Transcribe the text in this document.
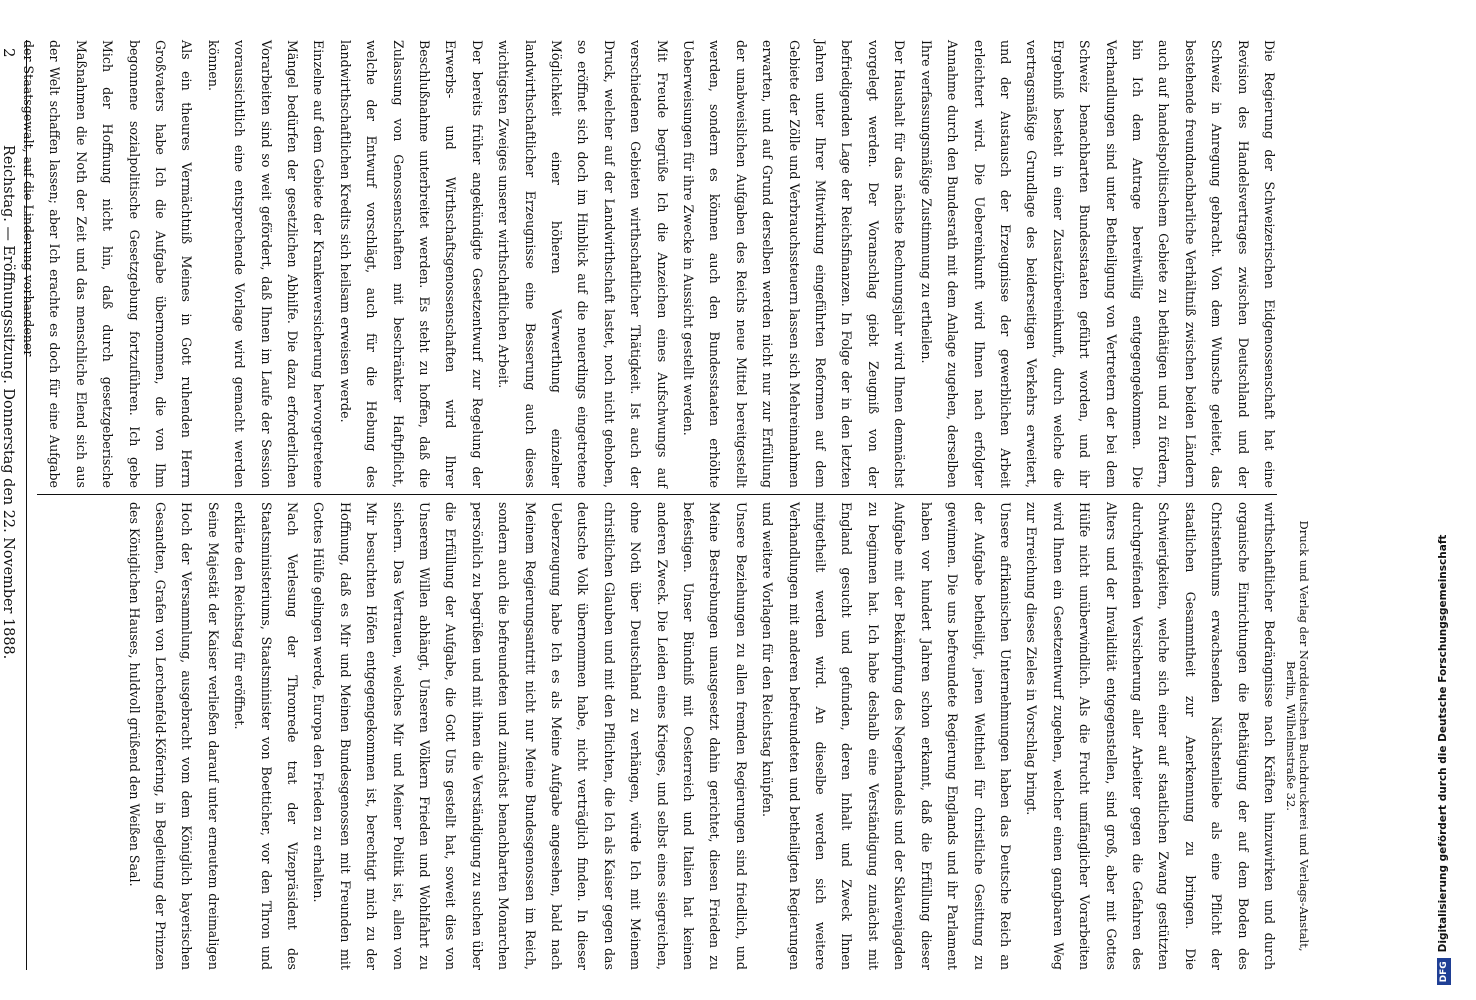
2
Reichstag. — Eröffnungssitzung. Donnerstag den 22. November 1888.

Die Regierung der Schweizerischen Eidgenossenschaft hat eine Revision des Handelsvertrages zwischen Deutschland und der Schweiz in Anregung gebracht. Von dem Wunsche geleitet, das bestehende freundnachbarliche Verhältniß zwischen beiden Ländern auch auf handelspolitischem Gebiete zu bethätigen und zu fördern, bin Ich dem Antrage bereitwillig entgegengekommen. Die Verhandlungen sind unter Betheiligung von Vertretern der bei dem Schweiz benachbarten Bundesstaaten geführt worden, und ihr Ergebniß besteht in einer Zusatzübereinkunft, durch welche die vertragsmäßige Grundlage des beiderseitigen Verkehrs erweitert, und der Austausch der Erzeugnisse der gewerblichen Arbeit erleichtert wird. Die Uebereinkunft wird Ihnen nach erfolgter Annahme durch den Bundesrath mit dem Anlage zugehen, derselben Ihre verfassungsmäßige Zustimmung zu ertheilen.
Der Haushalt für das nächste Rechnungsjahr wird Ihnen demnächst vorgelegt werden. Der Voranschlag giebt Zeugniß von der befriedigenden Lage der Reichsfinanzen. In Folge der in den letzten Jahren unter Ihrer Mitwirkung eingeführten Reformen auf dem Gebiete der Zölle und Verbrauchssteuern lassen sich Mehreinnahmen erwarten, und auf Grund derselben werden nicht nur zur Erfüllung der unabweislichen Aufgaben des Reichs neue Mittel bereitgestellt werden, sondern es können auch den Bundesstaaten erhöhte Ueberweisungen für ihre Zwecke in Aussicht gestellt werden.
Mit Freude begrüße Ich die Anzeichen eines Aufschwungs auf verschiedenen Gebieten wirthschaftlicher Thätigkeit. Ist auch der Druck, welcher auf der Landwirthschaft lastet, noch nicht gehoben, so eröffnet sich doch im Hinblick auf die neuerdings eingetretene Möglichkeit einer höheren Verwerthung einzelner landwirthschaftlicher Erzeugnisse eine Besserung auch dieses wichtigsten Zweiges unserer wirthschaftlichen Arbeit.
Der bereits früher angekündigte Gesetzentwurf zur Regelung der Erwerbs- und Wirthschaftsgenossenschaften wird Ihrer Beschlußnahme unterbreitet werden. Es steht zu hoffen, daß die Zulassung von Genossenschaften mit beschränkter Haftpflicht, welche der Entwurf vorschlägt, auch für die Hebung des landwirthschaftlichen Kredits sich heilsam erweisen werde.
Einzelne auf dem Gebiete der Krankenversicherung hervorgetretene Mängel bedürfen der gesetzlichen Abhilfe. Die dazu erforderlichen Vorarbeiten sind so weit gefördert, daß Ihnen im Laufe der Session voraussichtlich eine entsprechende Vorlage wird gemacht werden können.
Als ein theures Vermächtniß Meines in Gott ruhenden Herrn Großvaters habe Ich die Aufgabe übernommen, die von Ihm begonnene sozialpolitische Gesetzgebung fortzuführen. Ich gebe Mich der Hoffnung nicht hin, daß durch gesetzgeberische Maßnahmen die Noth der Zeit und das menschliche Elend sich aus der Welt schaffen lassen; aber Ich erachte es doch für eine Aufgabe der Staatsgewalt, auf die Linderung vorhandener

wirthschaftlicher Bedrängnisse nach Kräften hinzuwirken und durch organische Einrichtungen die Bethätigung der auf dem Boden des Christenthums erwachsenden Nächstenliebe als eine Pflicht der staatlichen Gesammtheit zur Anerkennung zu bringen. Die Schwierigkeiten, welche sich einer auf staatlichen Zwang gestützten durchgreifenden Versicherung aller Arbeiter gegen die Gefahren des Alters und der Invalidität entgegenstellen, sind groß, aber mit Gottes Hülfe nicht unüberwindlich. Als die Frucht umfänglicher Vorarbeiten wird Ihnen ein Gesetzentwurf zugehen, welcher einen gangbaren Weg zur Erreichung dieses Zieles in Vorschlag bringt.
Unsere afrikanischen Unternehmungen haben das Deutsche Reich an der Aufgabe betheiligt, jenen Welttheil für christliche Gesittung zu gewinnen. Die uns befreundete Regierung Englands und ihr Parlament haben vor hundert Jahren schon erkannt, daß die Erfüllung dieser Aufgabe mit der Bekämpfung des Negerhandels und der Sklavenjagden zu beginnen hat. Ich habe deshalb eine Verständigung zunächst mit England gesucht und gefunden, deren Inhalt und Zweck Ihnen mitgetheilt werden wird. An dieselbe werden sich weitere Verhandlungen mit anderen befreundeten und betheiligten Regierungen und weitere Vorlagen für den Reichstag knüpfen.
Unsere Beziehungen zu allen fremden Regierungen sind friedlich, und Meine Bestrebungen unausgesetzt dahin gerichtet, diesen Frieden zu befestigen. Unser Bündniß mit Oesterreich und Italien hat keinen anderen Zweck. Die Leiden eines Krieges, und selbst eines siegreichen, ohne Noth über Deutschland zu verhängen, würde Ich mit Meinem christlichen Glauben und mit den Pflichten, die Ich als Kaiser gegen das deutsche Volk übernommen habe, nicht verträglich finden. In dieser Ueberzeugung habe Ich es als Meine Aufgabe angesehen, bald nach Meinem Regierungsantritt nicht nur Meine Bundesgenossen im Reich, sondern auch die befreundeten und zunächst benachbarten Monarchen persönlich zu begrüßen und mit ihnen die Verständigung zu suchen über die Erfüllung der Aufgabe, die Gott Uns gestellt hat, soweit dies von Unserem Willen abhängt, Unseren Völkern Frieden und Wohlfahrt zu sichern. Das Vertrauen, welches Mir und Meiner Politik ist, allen von Mir besuchten Höfen entgegengekommen ist, berechtigt mich zu der Hoffnung, daß es Mir und Meinen Bundesgenossen mit Freunden mit Gottes Hülfe gelingen werde, Europa den Frieden zu erhalten.
Nach Verlesung der Thronrede trat der Vizepräsident des Staatsministeriums, Staatsminister von Boetticher, vor den Thron und erklärte den Reichstag für eröffnet.
Seine Majestät der Kaiser verließen darauf unter erneutem dreimaligen Hoch der Versammlung, ausgebracht vom dem Königlich bayerischen Gesandten, Grafen von Lerchenfeld-Köfering, in Begleitung der Prinzen des Königlichen Hauses, huldvoll grüßend den Weißen Saal.	Druck und Verlag der Norddeutschen Buchdruckerei und Verlags-Anstalt,
Berlin, Wilhelmstraße 32.

DFGDigitalisierung gefördert durch die Deutsche Forschungsgemeinschaft
